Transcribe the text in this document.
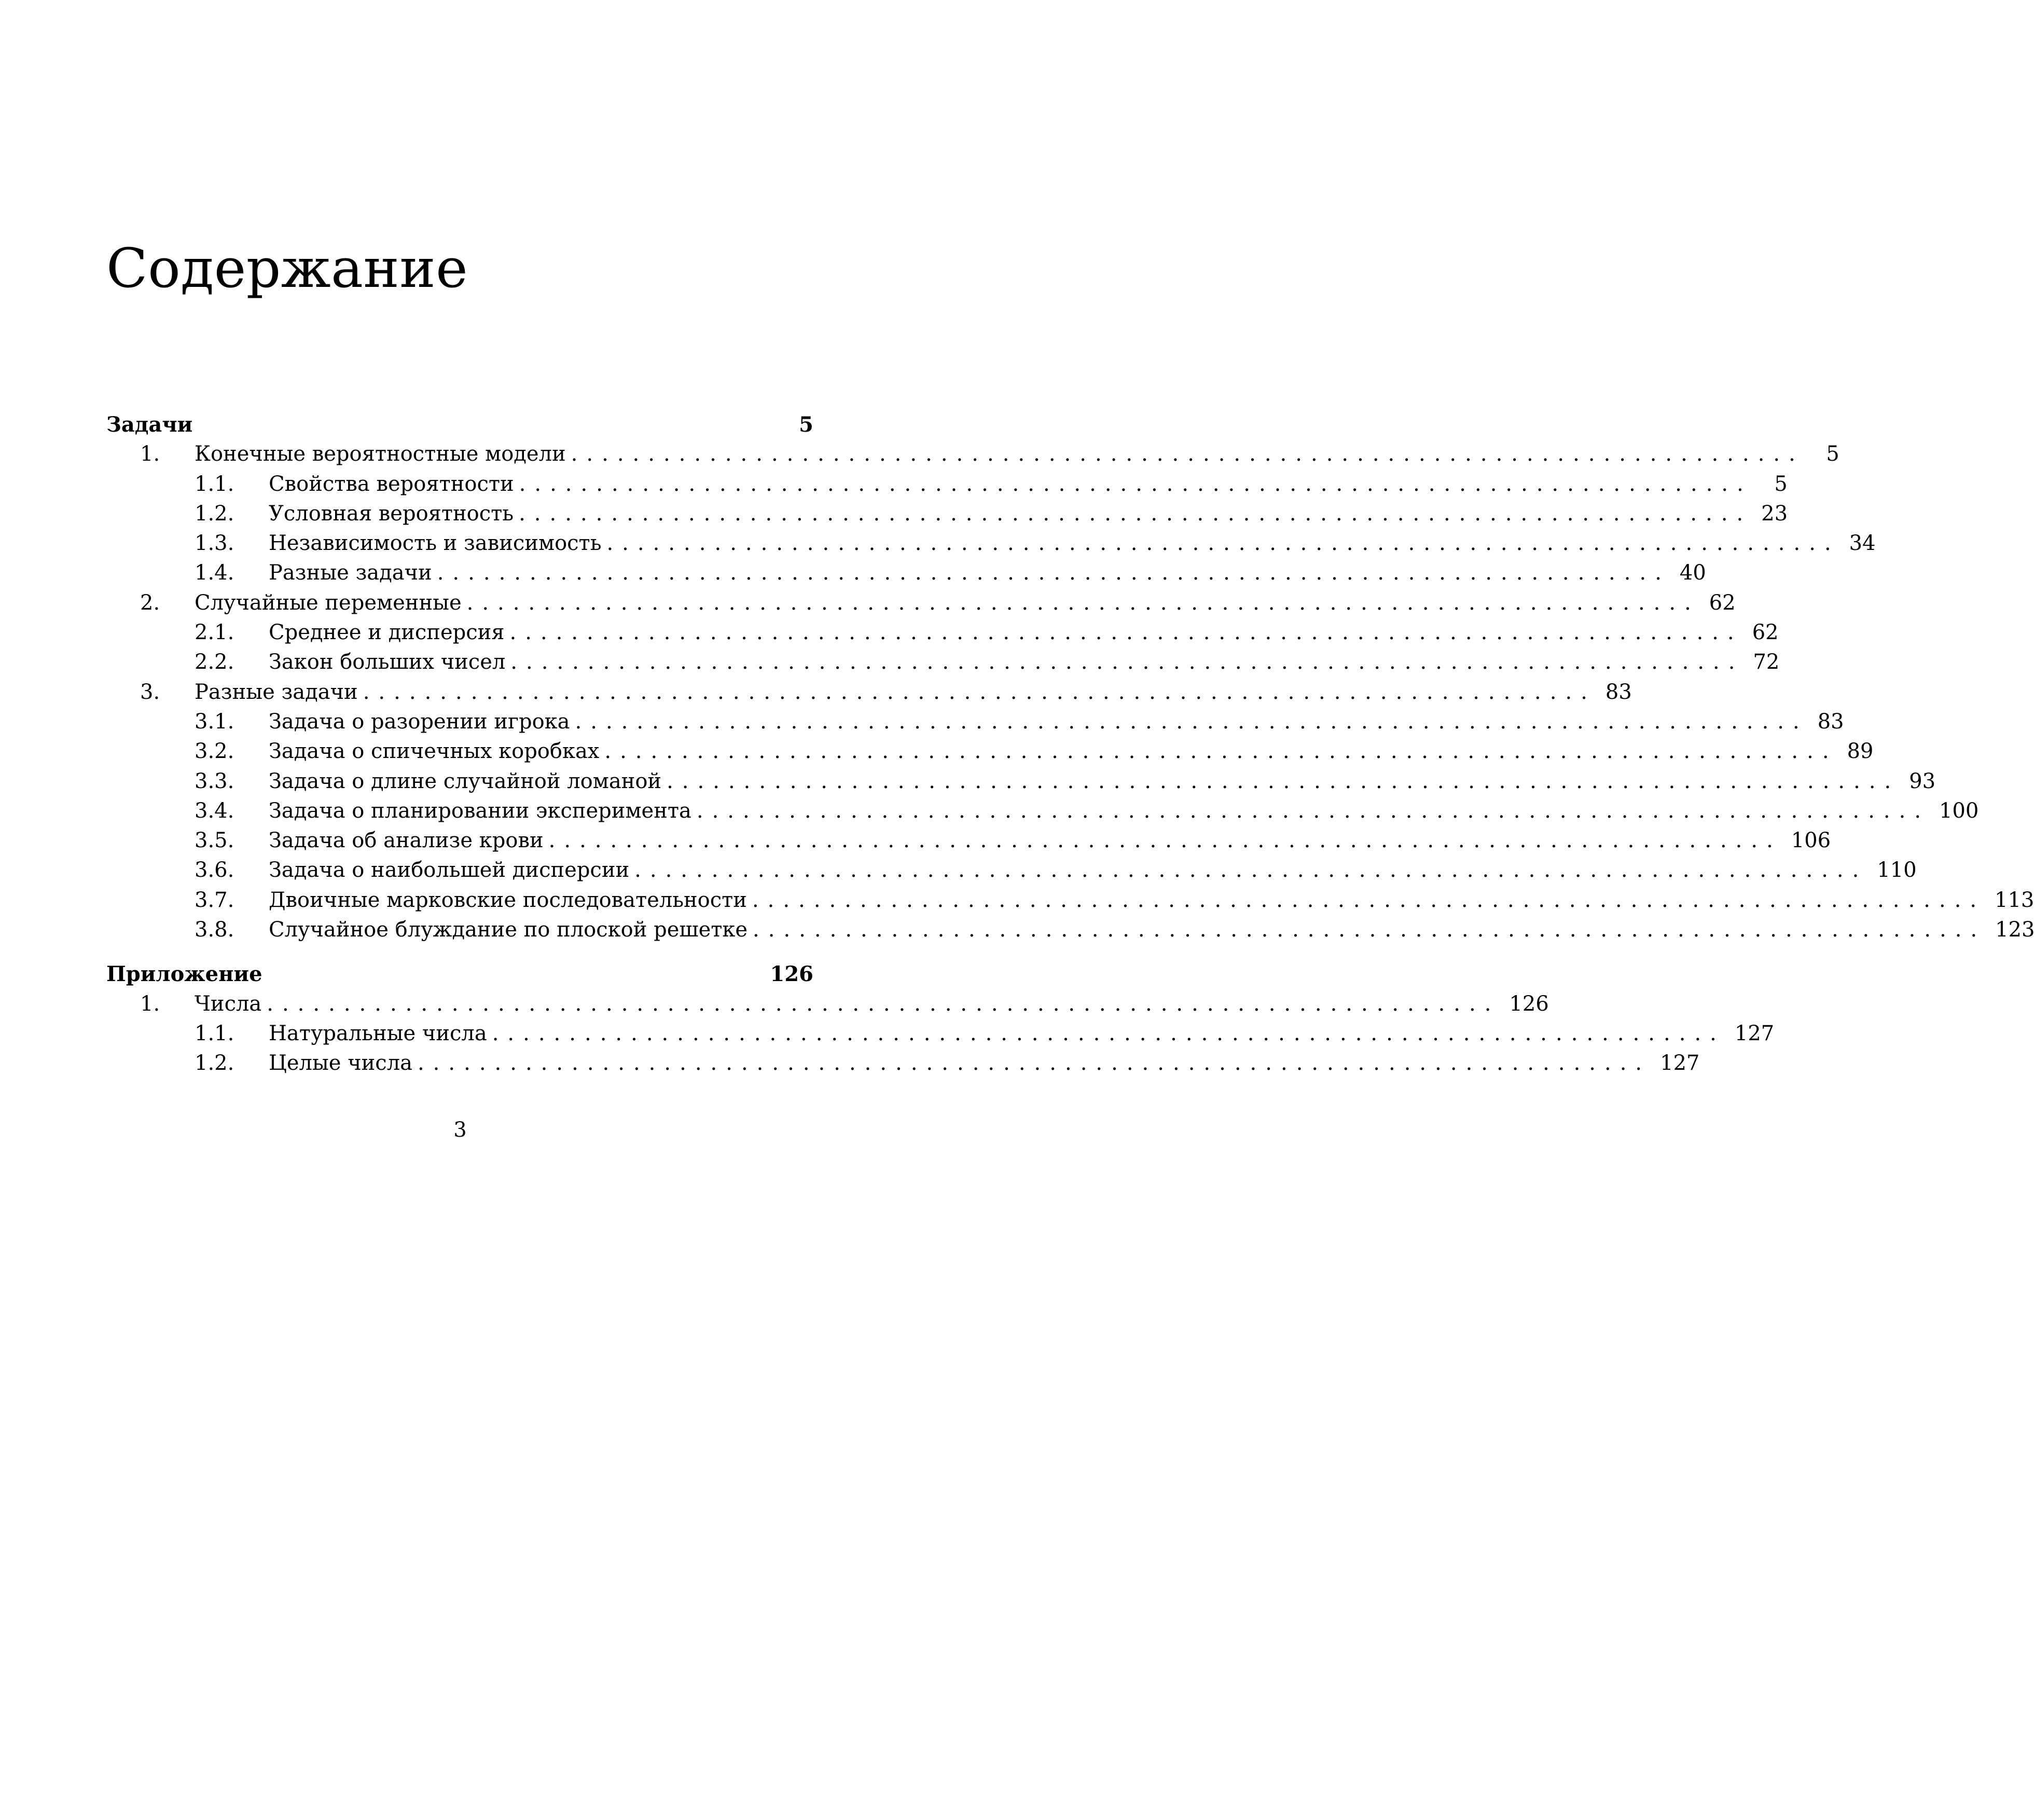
Содержание
Задачи	5
1.	Конечные вероятностные модели ................................................................................	5
1.1.	Свойства вероятности ................................................................................	5
1.2.	Условная вероятность ................................................................................ 23
1.3.	Независимость и зависимость ................................................................................ 34
1.4.	Разные задачи ................................................................................ 40
2.	Случайные переменные ................................................................................ 62
2.1.	Среднее и дисперсия ................................................................................ 62
2.2.	Закон больших чисел ................................................................................ 72
3.	Разные задачи ................................................................................ 83
3.1.	Задача о разорении игрока ................................................................................ 83
3.2.	Задача о спичечных коробках ................................................................................ 89
3.3.	Задача о длине случайной ломаной ................................................................................ 93
3.4.	Задача о планировании эксперимента ................................................................................ 100
3.5.	Задача об анализе крови ................................................................................ 106
3.6.	Задача о наибольшей дисперсии ................................................................................ 110
3.7.	Двоичные марковские последовательности ................................................................................ 113
3.8.	Случайное блуждание по плоской решетке ................................................................................ 123
Приложение	126
1.	Числа ................................................................................ 126
1.1.	Натуральные числа ................................................................................ 127
1.2.	Целые числа ................................................................................ 127
3
